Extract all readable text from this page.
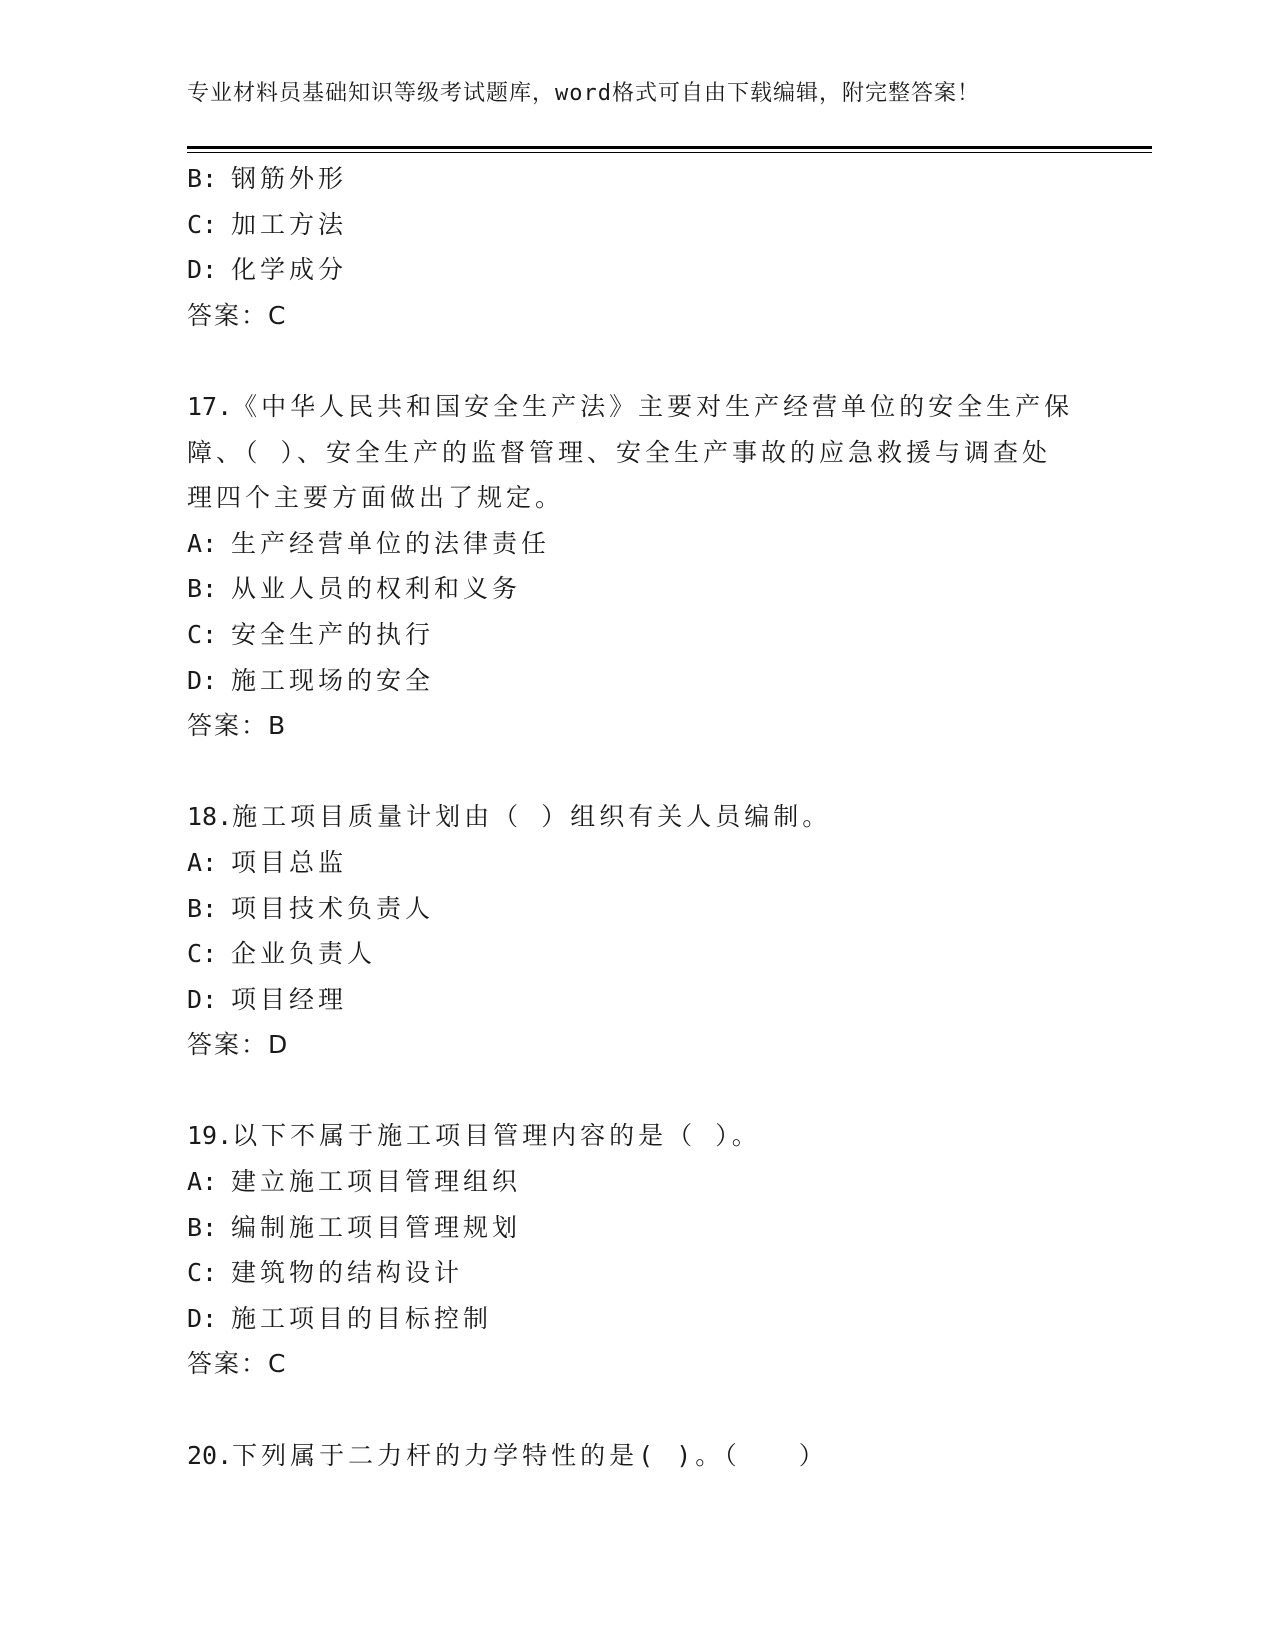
专业材料员基础知识等级考试题库，word格式可自由下载编辑，附完整答案！
B: 钢筋外形
C: 加工方法
D: 化学成分
答案：C
17.《中华人民共和国安全生产法》主要对生产经营单位的安全生产保
障、（ ）、安全生产的监督管理、安全生产事故的应急救援与调查处
理四个主要方面做出了规定。
A: 生产经营单位的法律责任
B: 从业人员的权利和义务
C: 安全生产的执行
D: 施工现场的安全
答案：B
18.施工项目质量计划由（ ）组织有关人员编制。
A: 项目总监
B: 项目技术负责人
C: 企业负责人
D: 项目经理
答案：D
19.以下不属于施工项目管理内容的是（ ）。
A: 建立施工项目管理组织
B: 编制施工项目管理规划
C: 建筑物的结构设计
D: 施工项目的目标控制
答案：C
20.下列属于二力杆的力学特性的是( )。（　　）
